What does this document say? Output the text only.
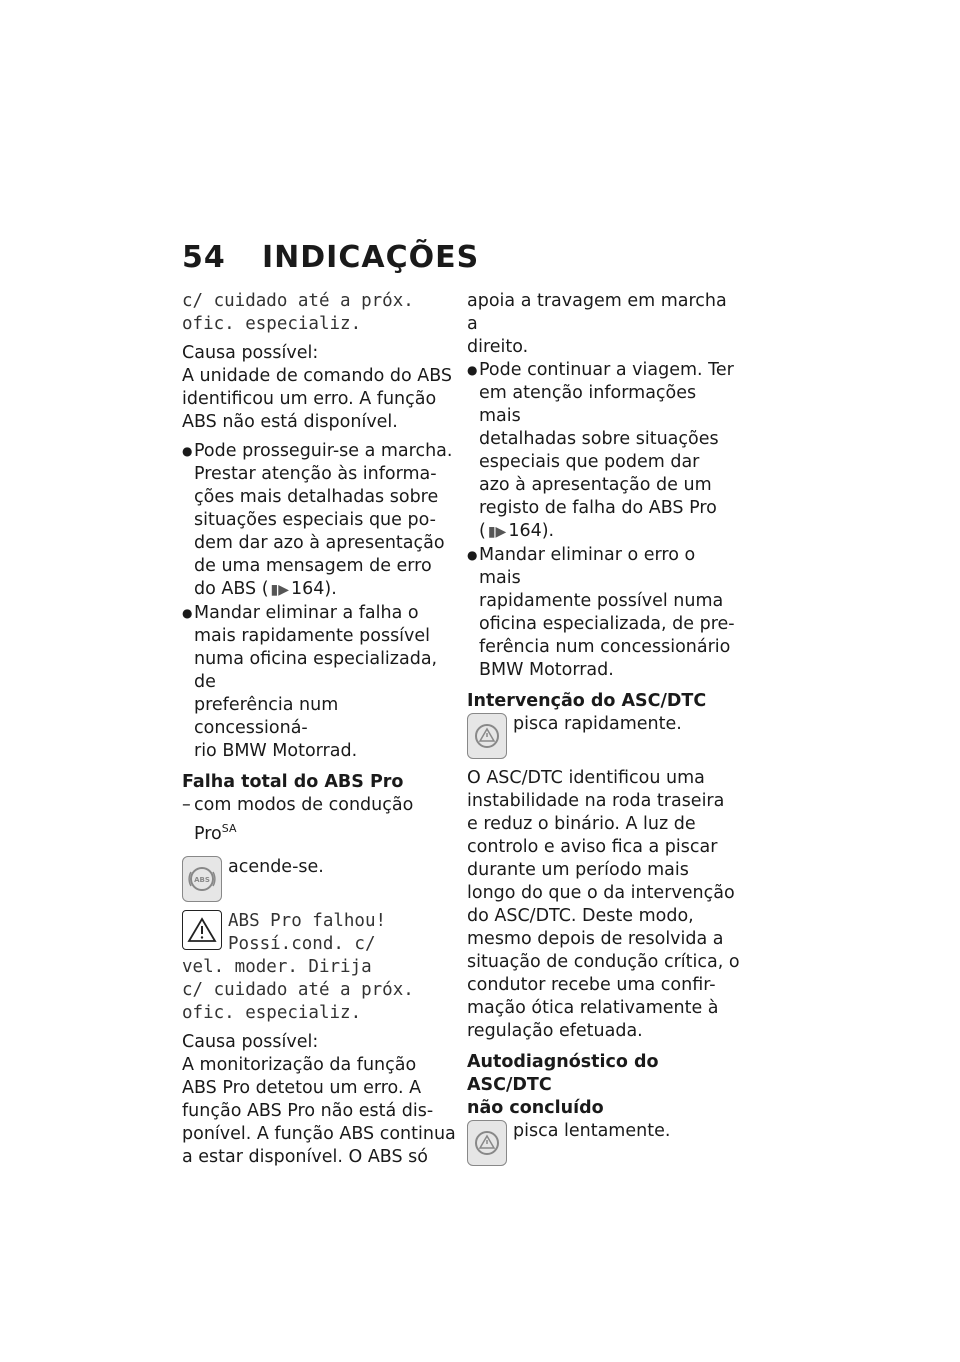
54 INDICAÇÕES
c/ cuidado até a próx.
ofic. especializ.
Causa possível:
A unidade de comando do ABS
identificou um erro. A função
ABS não está disponível.
● Pode prosseguir-se a marcha.
Prestar atenção às informa-
ções mais detalhadas sobre
situações especiais que po-
dem dar azo à apresentação
de uma mensagem de erro
do ABS ( ▮▶ 164).
● Mandar eliminar a falha o
mais rapidamente possível
numa oficina especializada, de
preferência num concessioná-
rio BMW Motorrad.
Falha total do ABS Pro
– com modos de condução
Pro$^{SA}$
ABS
acende-se.
ABS Pro falhou!
Possí.cond. c/
vel. moder. Dirija
c/ cuidado até a próx.
ofic. especializ.
Causa possível:
A monitorização da função
ABS Pro detetou um erro. A
função ABS Pro não está dis-
ponível. A função ABS continua
a estar disponível. O ABS só
apoia a travagem em marcha a
direito.
● Pode continuar a viagem. Ter
em atenção informações mais
detalhadas sobre situações
especiais que podem dar
azo à apresentação de um
registo de falha do ABS Pro
( ▮▶ 164).
● Mandar eliminar o erro o mais
rapidamente possível numa
oficina especializada, de pre-
ferência num concessionário
BMW Motorrad.
Intervenção do ASC/DTC
pisca rapidamente.
O ASC/DTC identificou uma
instabilidade na roda traseira
e reduz o binário. A luz de
controlo e aviso fica a piscar
durante um período mais
longo do que o da intervenção
do ASC/DTC. Deste modo,
mesmo depois de resolvida a
situação de condução crítica, o
condutor recebe uma confir-
mação ótica relativamente à
regulação efetuada.
Autodiagnóstico do ASC/DTC
não concluído
pisca lentamente.
